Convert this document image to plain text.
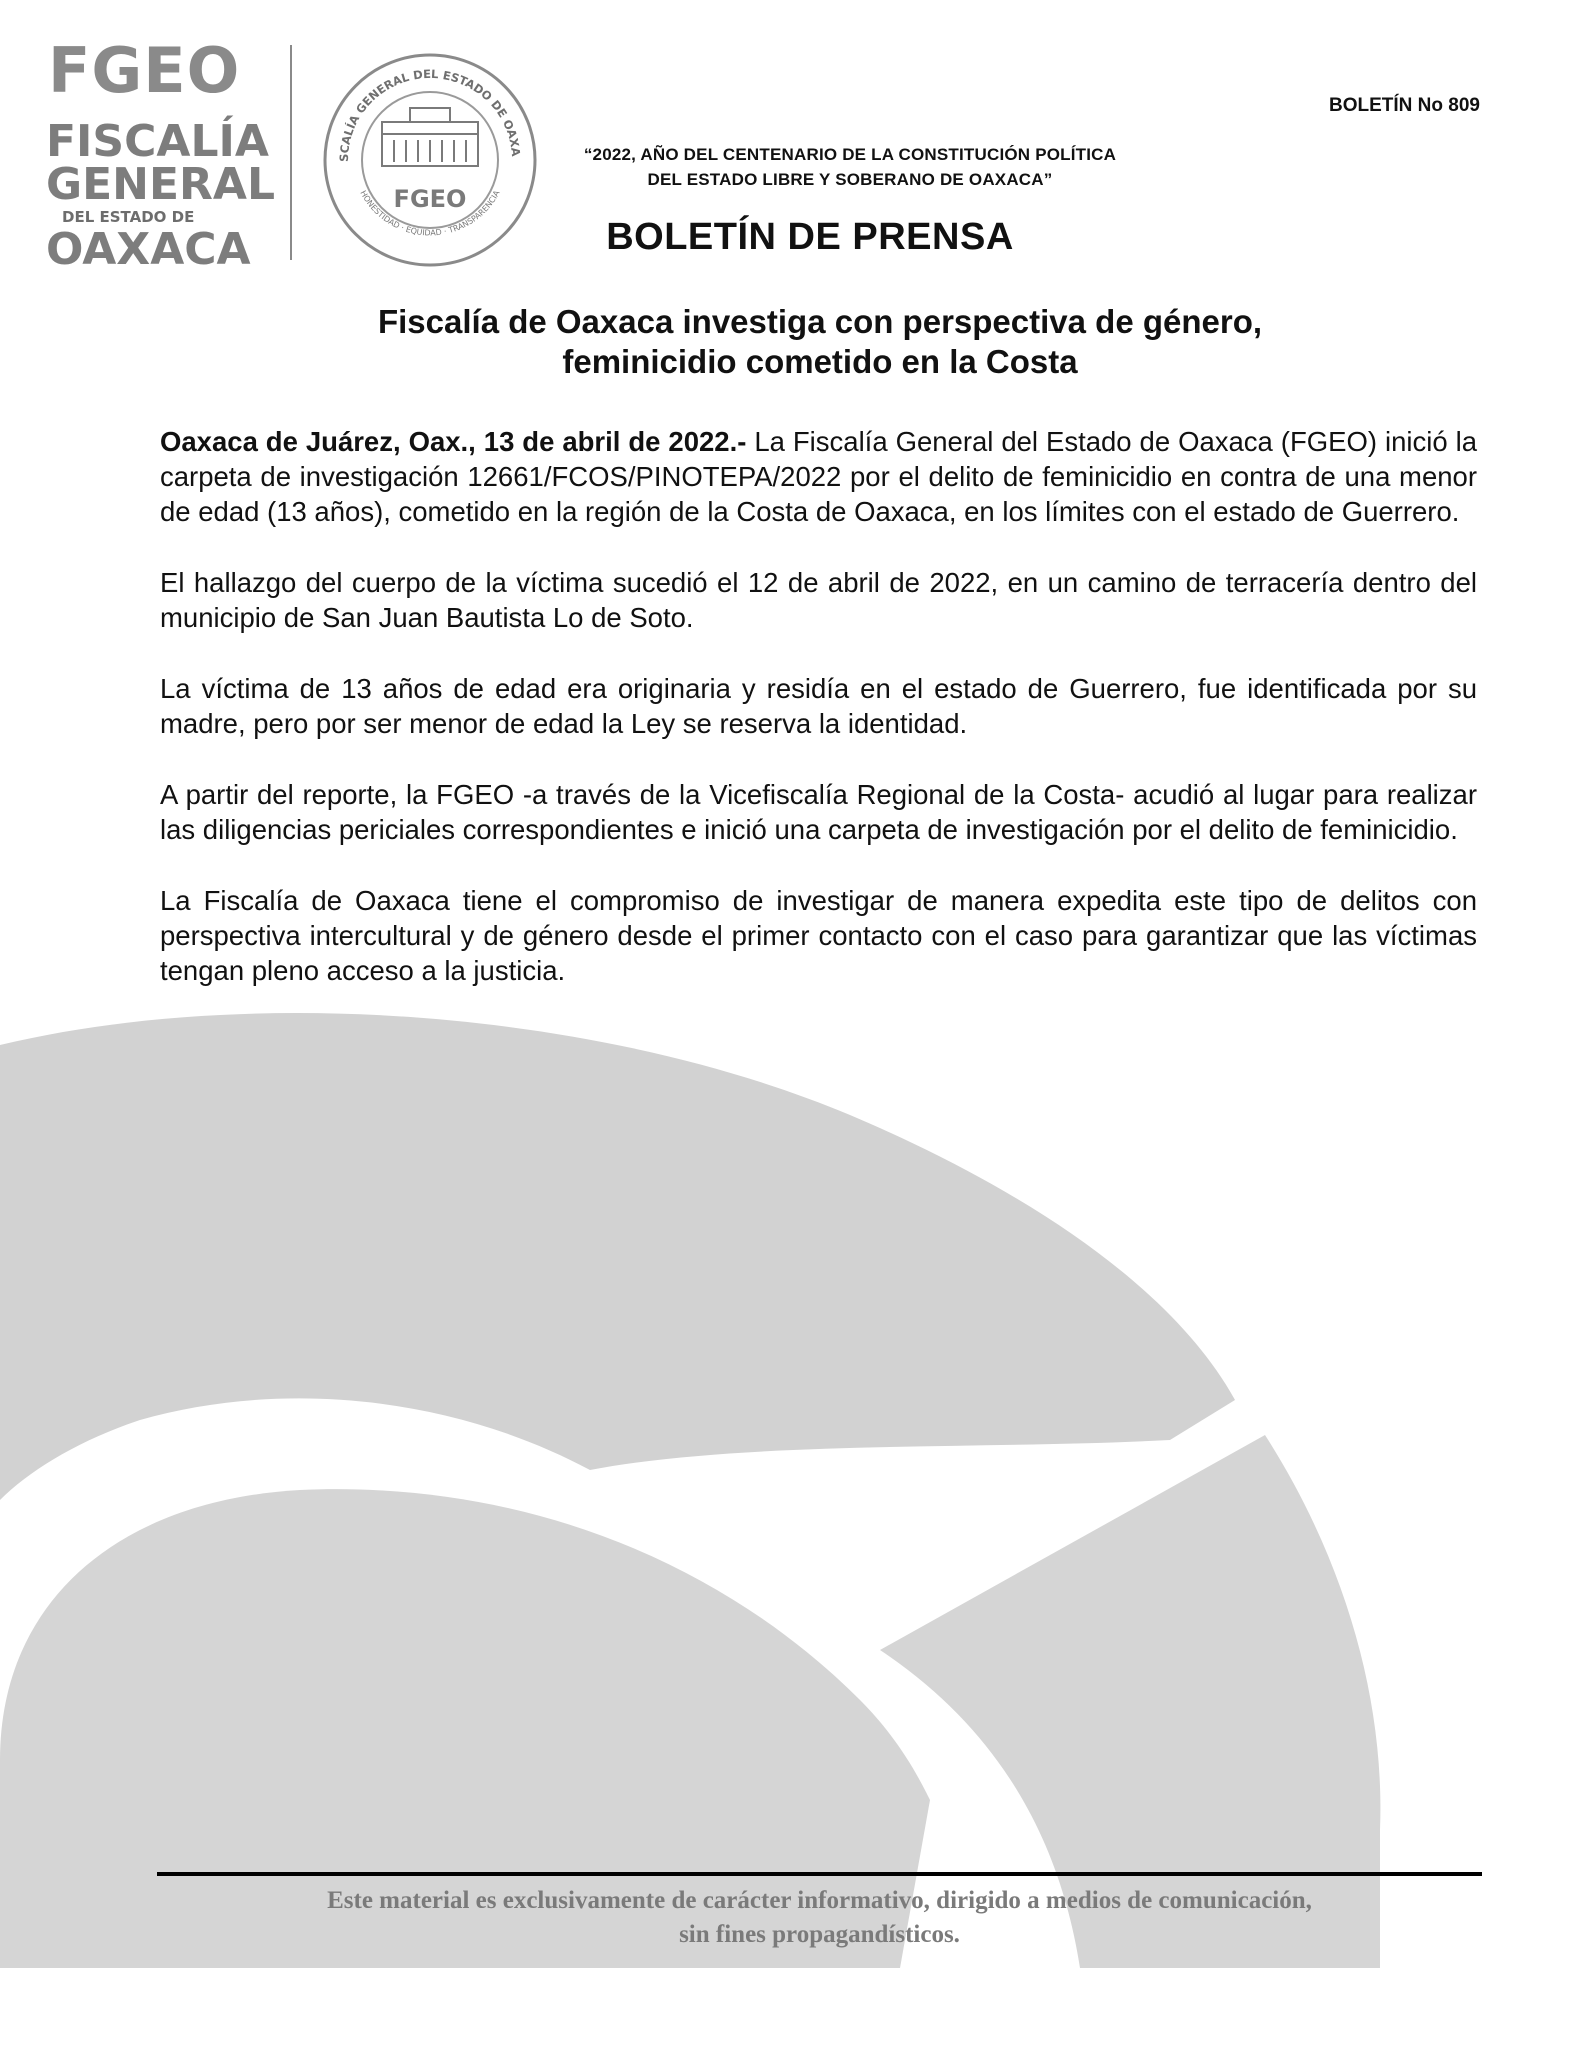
FGEO
FISCALÍA
GENERAL
DEL ESTADO DE
OAXACA
SCALÍA GENERAL DEL ESTADO DE OAXA
HONESTIDAD · EQUIDAD · TRANSPARENCIA
FGEO
BOLETÍN No 809
“2022, AÑO DEL CENTENARIO DE LA CONSTITUCIÓN POLÍTICA
DEL ESTADO LIBRE Y SOBERANO DE OAXACA”
BOLETÍN DE PRENSA
Fiscalía de Oaxaca investiga con perspectiva de género,
feminicidio cometido en la Costa

Oaxaca de Juárez, Oax., 13 de abril de 2022.- La Fiscalía General del Estado de Oaxaca (FGEO) inició la carpeta de investigación 12661/FCOS/PINOTEPA/2022 por el delito de feminicidio en contra de una menor de edad (13 años), cometido en la región de la Costa de Oaxaca, en los límites con el estado de Guerrero.

El hallazgo del cuerpo de la víctima sucedió el 12 de abril de 2022, en un camino de terracería dentro del municipio de San Juan Bautista Lo de Soto.

La víctima de 13 años de edad era originaria y residía en el estado de Guerrero, fue identificada por su madre, pero por ser menor de edad la Ley se reserva la identidad.

A partir del reporte, la FGEO -a través de la Vicefiscalía Regional de la Costa- acudió al lugar para realizar las diligencias periciales correspondientes e inició una carpeta de investigación por el delito de feminicidio.

La Fiscalía de Oaxaca tiene el compromiso de investigar de manera expedita este tipo de delitos con perspectiva intercultural y de género desde el primer contacto con el caso para garantizar que las víctimas tengan pleno acceso a la justicia.

Este material es exclusivamente de carácter informativo, dirigido a medios de comunicación,
sin fines propagandísticos.
